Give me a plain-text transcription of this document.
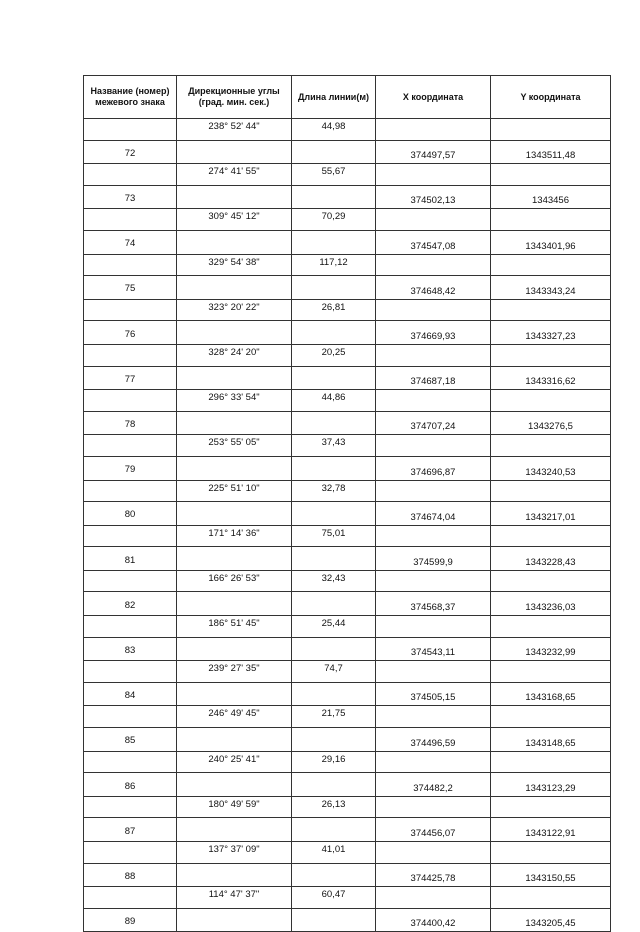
Название (номер) межевого знака	Дирекционные углы (град. мин. сек.)	Длина линии(м)	X координата	Y координата
	238° 52' 44"	44,98		
72			374497,57	1343511,48
	274° 41' 55"	55,67		
73			374502,13	1343456
	309° 45' 12"	70,29		
74			374547,08	1343401,96
	329° 54' 38"	117,12		
75			374648,42	1343343,24
	323° 20' 22"	26,81		
76			374669,93	1343327,23
	328° 24' 20"	20,25		
77			374687,18	1343316,62
	296° 33' 54"	44,86		
78			374707,24	1343276,5
	253° 55' 05"	37,43		
79			374696,87	1343240,53
	225° 51' 10"	32,78		
80			374674,04	1343217,01
	171° 14' 36"	75,01		
81			374599,9	1343228,43
	166° 26' 53"	32,43		
82			374568,37	1343236,03
	186° 51' 45"	25,44		
83			374543,11	1343232,99
	239° 27' 35"	74,7		
84			374505,15	1343168,65
	246° 49' 45"	21,75		
85			374496,59	1343148,65
	240° 25' 41"	29,16		
86			374482,2	1343123,29
	180° 49' 59"	26,13		
87			374456,07	1343122,91
	137° 37' 09"	41,01		
88			374425,78	1343150,55
	114° 47' 37"	60,47		
89			374400,42	1343205,45
